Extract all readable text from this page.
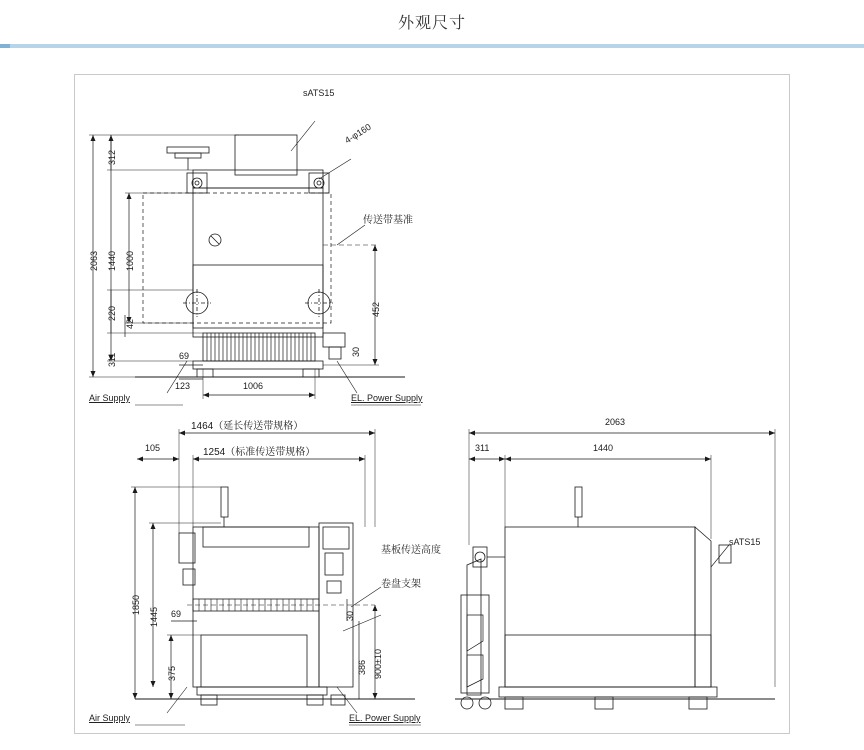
外观尺寸
sATS15
4-φ160
传送带基准
Air Supply	EL. Power Supply
2063 1440 1000
312
311
220
42
452
69
123	1006
30
1464（延长传送带规格）
1254（标准传送带规格）
105
1850
1445
375
69	30
386 900±10
基板传送高度
卷盘支架
Air Supply	EL. Power Supply
2063
311	1440
sATS15
